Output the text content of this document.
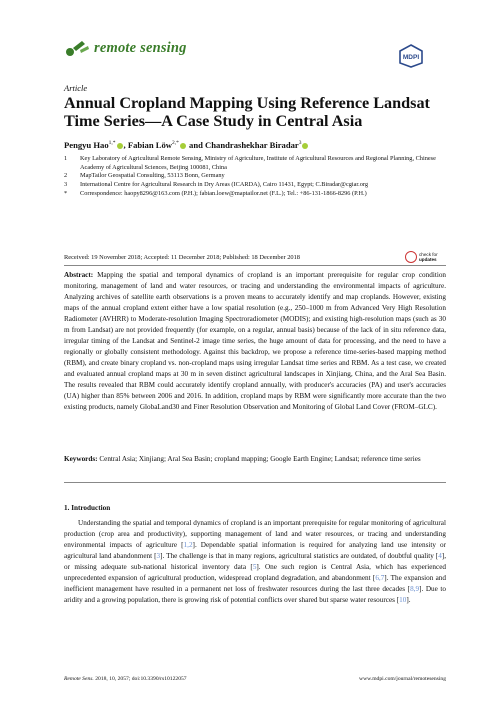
remote sensing
MDPI
Article
Annual Cropland Mapping Using Reference Landsat Time Series—A Case Study in Central Asia
Pengyu Hao$^{1,*}$ , Fabian Löw$^{2,*}$ and Chandrashekhar Biradar$^3$
1 Key Laboratory of Agricultural Remote Sensing, Ministry of Agriculture, Institute of Agricultural Resources and Regional Planning, Chinese Academy of Agricultural Sciences, Beijing 100081, China
2 MapTailor Geospatial Consulting, 53113 Bonn, Germany
3 International Centre for Agricultural Research in Dry Areas (ICARDA), Cairo 11431, Egypt; C.Biradar@cgiar.org
* Correspondence: haopy8296@163.com (P.H.); fabian.loew@maptailor.net (F.L.); Tel.: +86-131-1866-8296 (P.H.)
Received: 19 November 2018; Accepted: 11 December 2018; Published: 18 December 2018	check for
updates
Abstract: Mapping the spatial and temporal dynamics of cropland is an important prerequisite for regular crop condition monitoring, management of land and water resources, or tracing and understanding the environmental impacts of agriculture. Analyzing archives of satellite earth observations is a proven means to accurately identify and map croplands. However, existing maps of the annual cropland extent either have a low spatial resolution (e.g., 250–1000 m from Advanced Very High Resolution Radiometer (AVHRR) to Moderate-resolution Imaging Spectroradiometer (MODIS); and existing high-resolution maps (such as 30 m from Landsat) are not provided frequently (for example, on a regular, annual basis) because of the lack of in situ reference data, irregular timing of the Landsat and Sentinel-2 image time series, the huge amount of data for processing, and the need to have a regionally or globally consistent methodology. Against this backdrop, we propose a reference time-series-based mapping method (RBM), and create binary cropland vs. non-cropland maps using irregular Landsat time series and RBM. As a test case, we created and evaluated annual cropland maps at 30 m in seven distinct agricultural landscapes in Xinjiang, China, and the Aral Sea Basin. The results revealed that RBM could accurately identify cropland annually, with producer's accuracies (PA) and user's accuracies (UA) higher than 85% between 2006 and 2016. In addition, cropland maps by RBM were significantly more accurate than the two existing products, namely GlobaLand30 and Finer Resolution Observation and Monitoring of Global Land Cover (FROM–GLC).
Keywords: Central Asia; Xinjiang; Aral Sea Basin; cropland mapping; Google Earth Engine; Landsat; reference time series
1. Introduction
Understanding the spatial and temporal dynamics of cropland is an important prerequisite for regular monitoring of agricultural production (crop area and productivity), supporting management of land and water resources, or tracing and understanding environmental impacts of agriculture [1,2]. Dependable spatial information is required for analyzing land use intensity or agricultural land abandonment [3]. The challenge is that in many regions, agricultural statistics are outdated, of doubtful quality [4], or missing adequate sub-national historical inventory data [5]. One such region is Central Asia, which has experienced unprecedented expansion of agricultural production, widespread cropland degradation, and abandonment [6,7]. The expansion and inefficient management have resulted in a permanent net loss of freshwater resources during the last three decades [8,9]. Due to aridity and a growing population, there is growing risk of potential conflicts over shared but sparse water resources [10].
Remote Sens. 2018, 10, 2057; doi:10.3390/rs10122057	www.mdpi.com/journal/remotesensing
